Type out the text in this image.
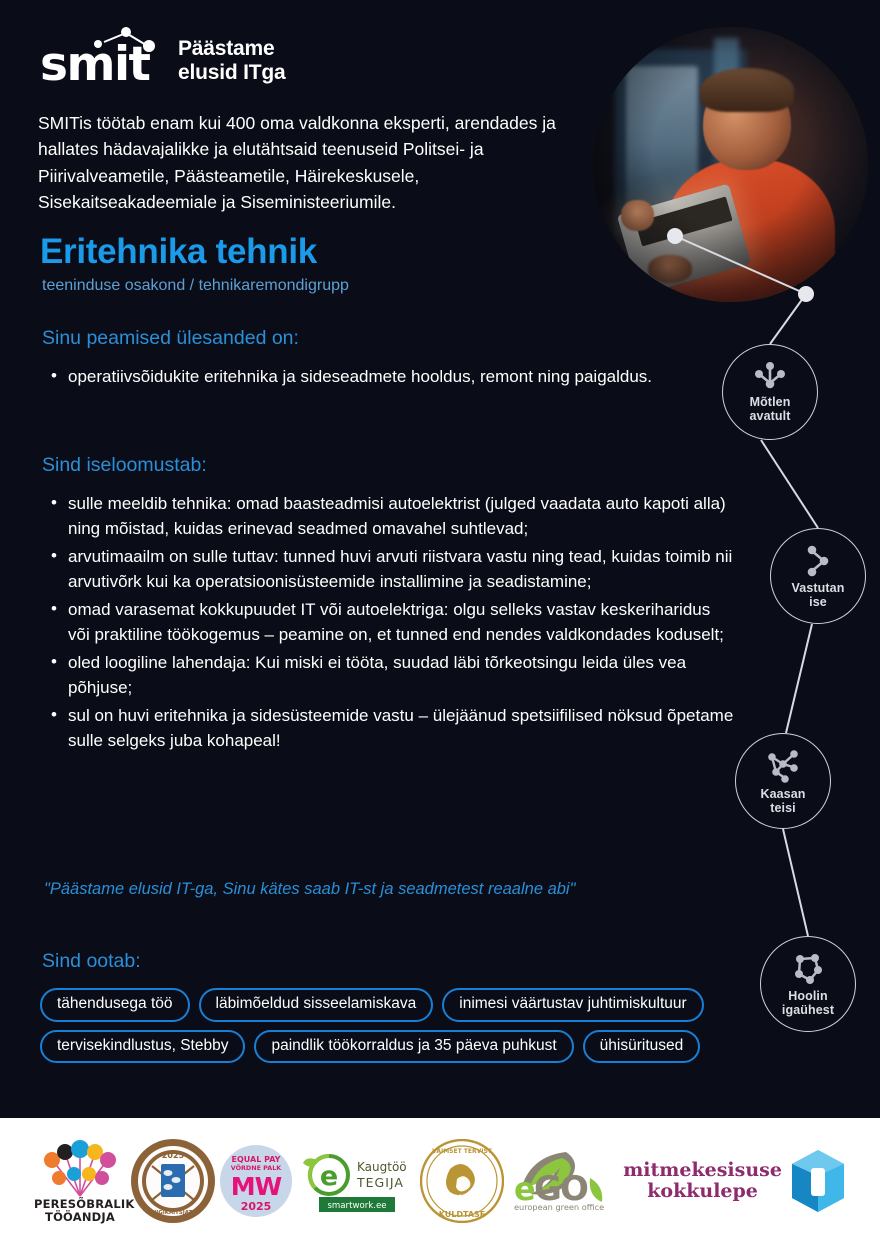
smit Päästame
elusid ITga

SMITis töötab enam kui 400 oma valdkonna eksperti, arendades ja hallates hädavajalikke ja elutähtsaid teenuseid Politsei- ja Piirivalveametile, Päästeametile, Häirekeskusele, Sisekaitseakadeemiale ja Siseministeeriumile.

Eritehnika tehnik
teeninduse osakond / tehnikaremondigrupp
Sinu peamised ülesanded on:
• operatiivsõidukite eritehnika ja sideseadmete hooldus, remont ning paigaldus.
Sind iseloomustab:
• sulle meeldib tehnika: omad baasteadmisi autoelektrist (julged vaadata auto kapoti alla) ning mõistad, kuidas erinevad seadmed omavahel suhtlevad;
• arvutimaailm on sulle tuttav: tunned huvi arvuti riistvara vastu ning tead, kuidas toimib nii arvutivõrk kui ka operatsioonisüsteemide installimine ja seadistamine;
• omad varasemat kokkupuudet IT või autoelektriga: olgu selleks vastav keskeriharidus või praktiline töökogemus – peamine on, et tunned end nendes valdkondades koduselt;
• oled loogiline lahendaja: Kui miski ei tööta, suudad läbi tõrkeotsingu leida üles vea põhjuse;
• sul on huvi eritehnika ja sidesüsteemide vastu – ülejäänud spetsiifilised nöksud õpetame sulle selgeks juba kohapeal!

"Päästame elusid IT-ga, Sinu kätes saab IT-st ja seadmetest reaalne abi"

Sind ootab:
tähendusega töö	läbimõeldud sisseelamiskava	inimesi väärtustav juhtimiskultuur
tervisekindlustus, Stebby	paindlik töökorraldus ja 35 päeva puhkust	ühisüritused
Mõtlen
avatult
Vastutan
ise
Kaasan
teisi
Hoolin
igaühest
PERESÕBRALIK
TÖÖANDJA
2025
RIIGIKAITSJATE
TOETAJA
EQUAL PAY
VÕRDNE PALK
MW
2025
e Kaugtöö
TEGIJA
smartwork.ee
VAIMSET TERVIST
2025
KULDTASE
e
G
O
european green office
mitmekesisuse
kokkulepe
